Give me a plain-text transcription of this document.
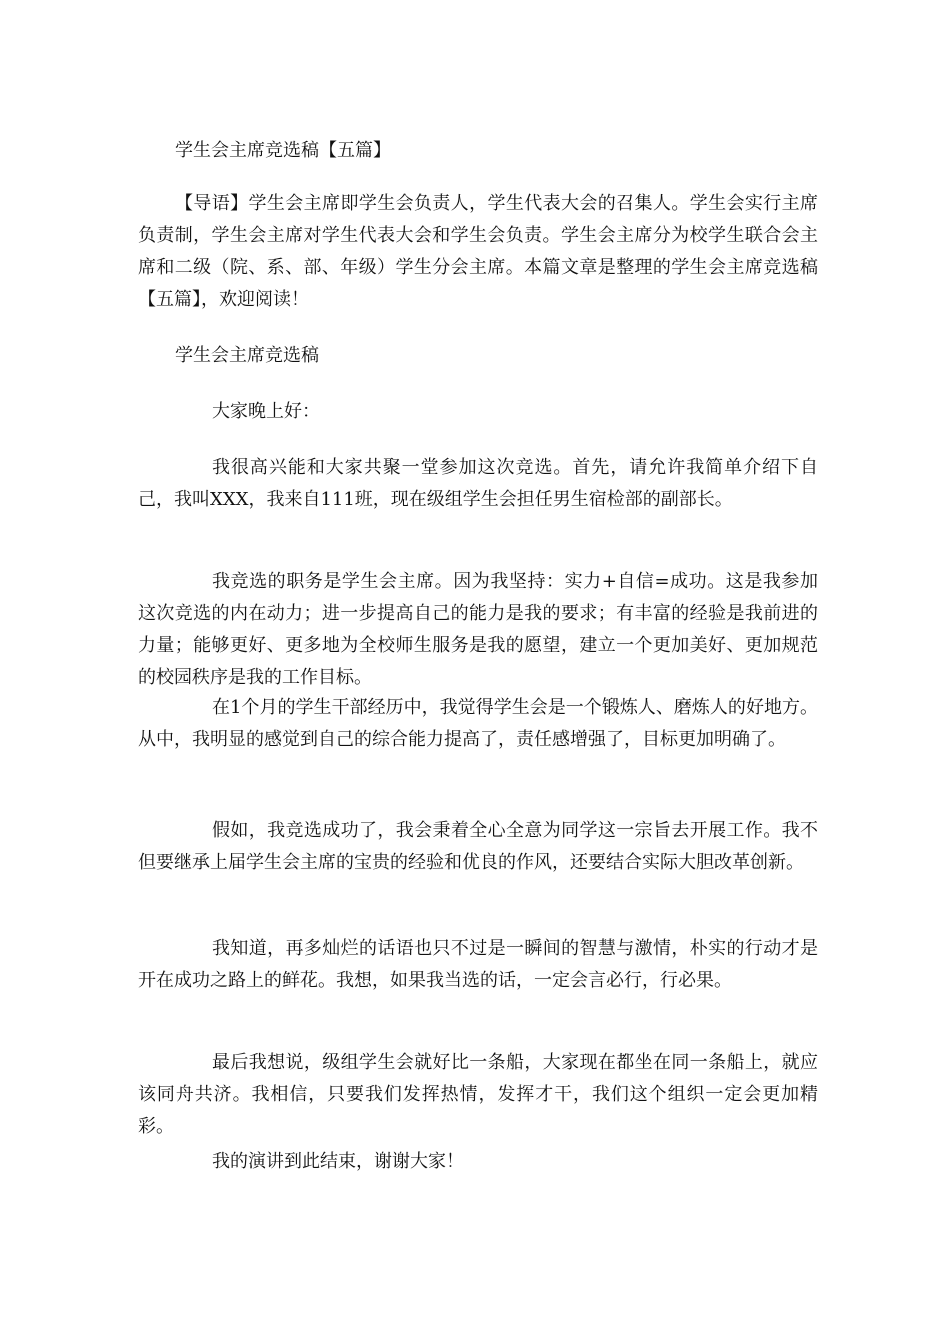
学生会主席竞选稿【五篇】

【导语】学生会主席即学生会负责人，学生代表大会的召集人。学生会实行主席负责制，学生会主席对学生代表大会和学生会负责。学生会主席分为校学生联合会主席和二级（院、系、部、年级）学生分会主席。本篇文章是整理的学生会主席竞选稿【五篇】，欢迎阅读！

学生会主席竞选稿

大家晚上好：

我很高兴能和大家共聚一堂参加这次竞选。首先，请允许我简单介绍下自己，我叫XXX，我来自111班，现在级组学生会担任男生宿检部的副部长。

我竞选的职务是学生会主席。因为我坚持：实力+自信=成功。这是我参加这次竞选的内在动力；进一步提高自己的能力是我的要求；有丰富的经验是我前进的力量；能够更好、更多地为全校师生服务是我的愿望，建立一个更加美好、更加规范的校园秩序是我的工作目标。

在1个月的学生干部经历中，我觉得学生会是一个锻炼人、磨炼人的好地方。从中，我明显的感觉到自己的综合能力提高了，责任感增强了，目标更加明确了。

假如，我竞选成功了，我会秉着全心全意为同学这一宗旨去开展工作。我不但要继承上届学生会主席的宝贵的经验和优良的作风，还要结合实际大胆改革创新。

我知道，再多灿烂的话语也只不过是一瞬间的智慧与激情，朴实的行动才是开在成功之路上的鲜花。我想，如果我当选的话，一定会言必行，行必果。

最后我想说，级组学生会就好比一条船，大家现在都坐在同一条船上，就应该同舟共济。我相信，只要我们发挥热情，发挥才干，我们这个组织一定会更加精彩。

我的演讲到此结束，谢谢大家！
